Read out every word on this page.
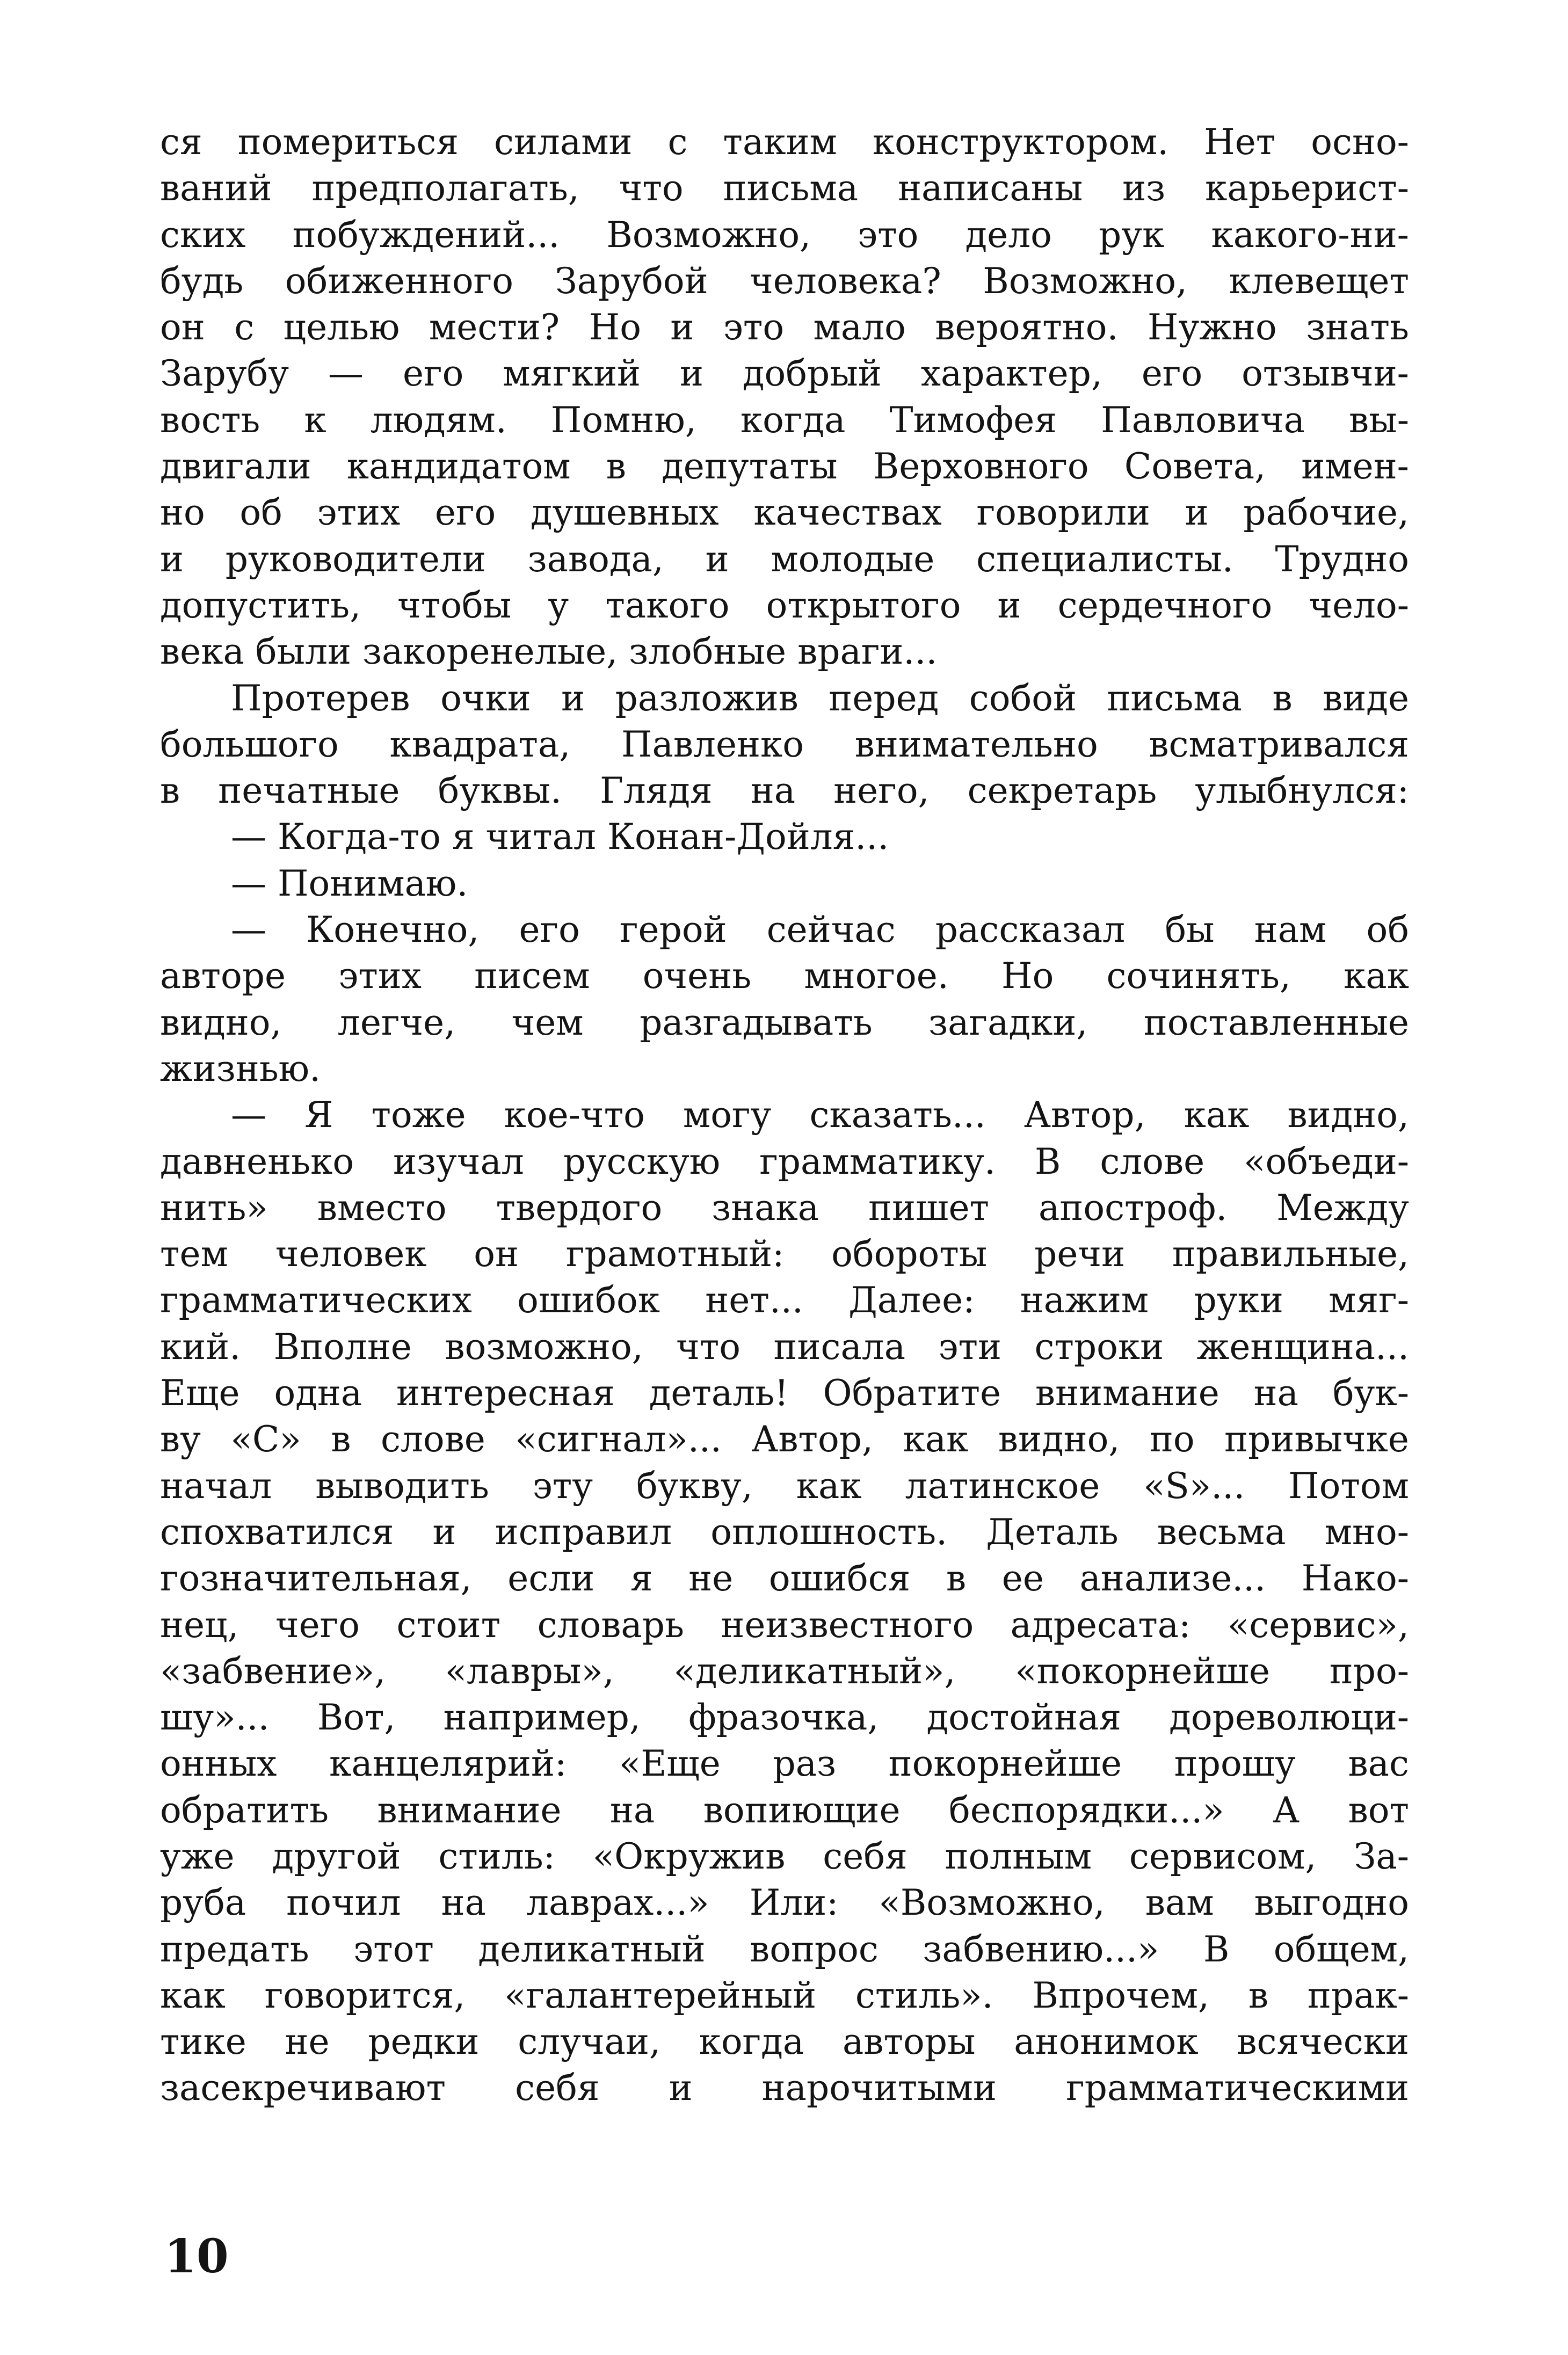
ся помериться силами с таким конструктором. Нет осно-
ваний предполагать, что письма написаны из карьерист-
ских побуждений... Возможно, это дело рук какого-ни-
будь обиженного Зарубой человека? Возможно, клевещет
он с целью мести? Но и это мало вероятно. Нужно знать
Зарубу — его мягкий и добрый характер, его отзывчи-
вость к людям. Помню, когда Тимофея Павловича вы-
двигали кандидатом в депутаты Верховного Совета, имен-
но об этих его душевных качествах говорили и рабочие,
и руководители завода, и молодые специалисты. Трудно
допустить, чтобы у такого открытого и сердечного чело-
века были закоренелые, злобные враги...
Протерев очки и разложив перед собой письма в виде
большого квадрата, Павленко внимательно всматривался
в печатные буквы. Глядя на него, секретарь улыбнулся:
— Когда-то я читал Конан-Дойля...
— Понимаю.
— Конечно, его герой сейчас рассказал бы нам об
авторе этих писем очень многое. Но сочинять, как
видно, легче, чем разгадывать загадки, поставленные
жизнью.
— Я тоже кое-что могу сказать... Автор, как видно,
давненько изучал русскую грамматику. В слове «объеди-
нить» вместо твердого знака пишет апостроф. Между
тем человек он грамотный: обороты речи правильные,
грамматических ошибок нет... Далее: нажим руки мяг-
кий. Вполне возможно, что писала эти строки женщина...
Еще одна интересная деталь! Обратите внимание на бук-
ву «С» в слове «сигнал»... Автор, как видно, по привычке
начал выводить эту букву, как латинское «S»... Потом
спохватился и исправил оплошность. Деталь весьма мно-
гозначительная, если я не ошибся в ее анализе... Нако-
нец, чего стоит словарь неизвестного адресата: «сервис»,
«забвение», «лавры», «деликатный», «покорнейше про-
шу»... Вот, например, фразочка, достойная дореволюци-
онных канцелярий: «Еще раз покорнейше прошу вас
обратить внимание на вопиющие беспорядки...» А вот
уже другой стиль: «Окружив себя полным сервисом, За-
руба почил на лаврах...» Или: «Возможно, вам выгодно
предать этот деликатный вопрос забвению...» В общем,
как говорится, «галантерейный стиль». Впрочем, в прак-
тике не редки случаи, когда авторы анонимок всячески
засекречивают себя и нарочитыми грамматическими
10
